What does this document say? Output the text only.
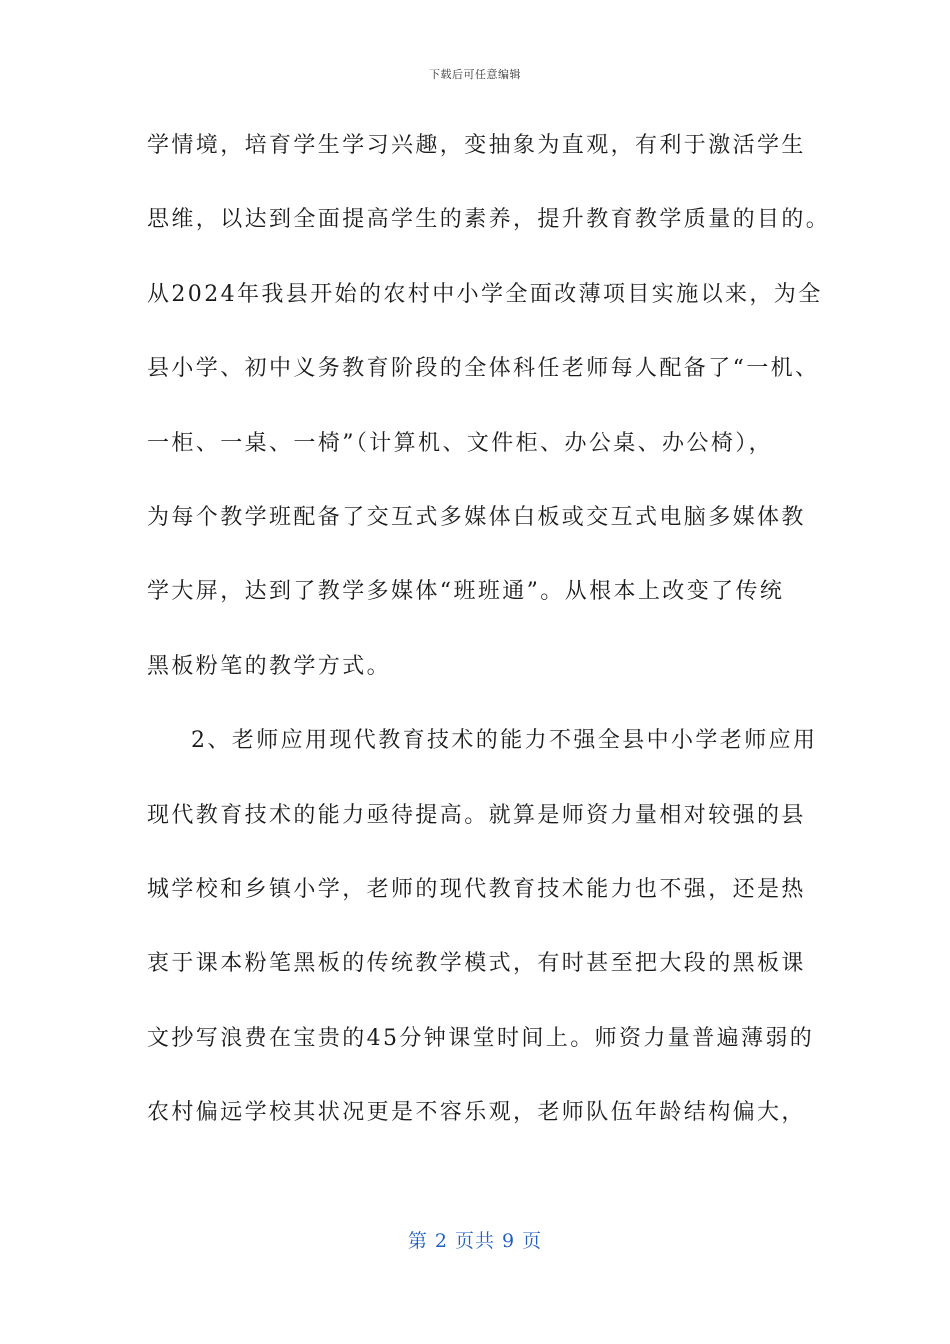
下载后可任意编辑
学情境，培育学生学习兴趣，变抽象为直观，有利于激活学生
思维，以达到全面提高学生的素养，提升教育教学质量的目的。
从2024年我县开始的农村中小学全面改薄项目实施以来，为全
县小学、初中义务教育阶段的全体科任老师每人配备了“一机、
一柜、一桌、一椅”（计算机、文件柜、办公桌、办公椅），
为每个教学班配备了交互式多媒体白板或交互式电脑多媒体教
学大屏，达到了教学多媒体“班班通”。从根本上改变了传统
黑板粉笔的教学方式。
2、老师应用现代教育技术的能力不强全县中小学老师应用
现代教育技术的能力亟待提高。就算是师资力量相对较强的县
城学校和乡镇小学，老师的现代教育技术能力也不强，还是热
衷于课本粉笔黑板的传统教学模式，有时甚至把大段的黑板课
文抄写浪费在宝贵的45分钟课堂时间上。师资力量普遍薄弱的
农村偏远学校其状况更是不容乐观，老师队伍年龄结构偏大，
第 2 页共 9 页
